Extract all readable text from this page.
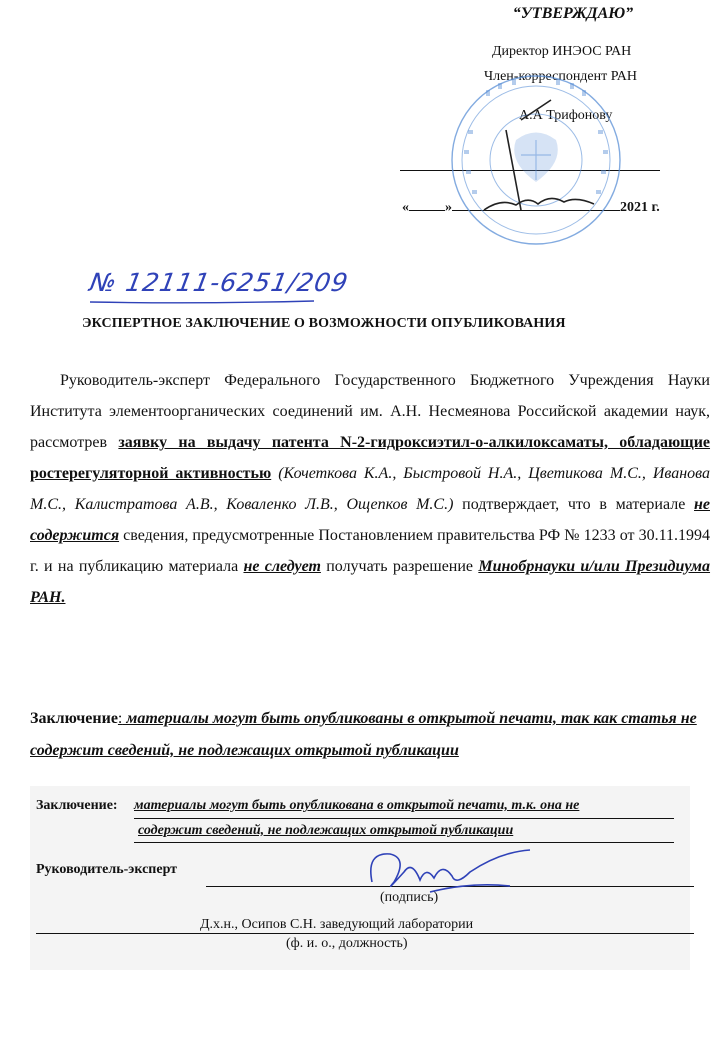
“УТВЕРЖДАЮ”
Директор ИНЭОС РАН
Член-корреспондент РАН
А.А Трифонову
«	»	2021 г.
№ 12111-6251/209
ЭКСПЕРТНОЕ ЗАКЛЮЧЕНИЕ О ВОЗМОЖНОСТИ ОПУБЛИКОВАНИЯ

Руководитель-эксперт Федерального Государственного Бюджетного Учреждения Науки Института элементоорганических соединений им. А.Н. Несмеянова Российской академии наук, рассмотрев заявку на выдачу патента N-2-гидроксиэтил-о-алкилоксаматы, обладающие ростерегуляторной активностью (Кочеткова К.А., Быстровой Н.А., Цветикова М.С., Иванова М.С., Калистратова А.В., Коваленко Л.В., Ощепков М.С.) подтверждает, что в материале не содержится сведения, предусмотренные Постановлением правительства РФ № 1233 от 30.11.1994 г. и на публикацию материала не следует получать разрешение Минобрнауки и/или Президиума РАН.

Заключение: материалы могут быть опубликованы в открытой печати, так как статья не содержит сведений, не подлежащих открытой публикации
Заключение: материалы могут быть опубликована в открытой печати, т.к. она не
содержит сведений, не подлежащих открытой публикации
Руководитель-эксперт
(подпись)
Д.х.н., Осипов С.Н. заведующий лаборатории
(ф. и. о., должность)
